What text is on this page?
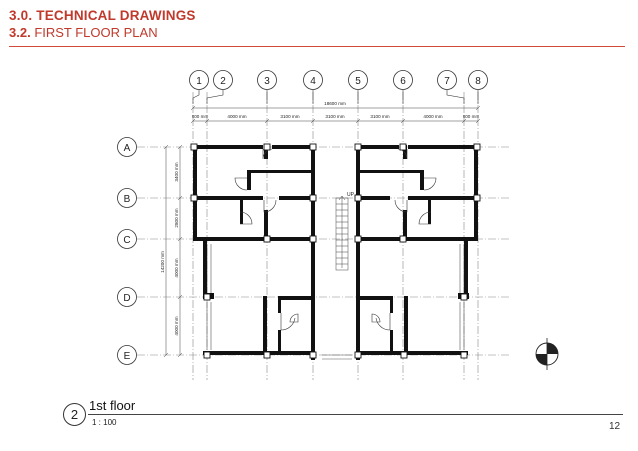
3.0. TECHNICAL DRAWINGS
3.2. FIRST FLOOR PLAN
1 2	3	4	5	6	7	8
A
B
C
D
E
18600 mm
600 mm	4000 mm	3100 mm	3100 mm	3100 mm	4000 mm	600 mm
14200 mm
3400 mm
2800 mm
4000 mm
4000 mm
UP
2
1st floor
1 : 100	12
